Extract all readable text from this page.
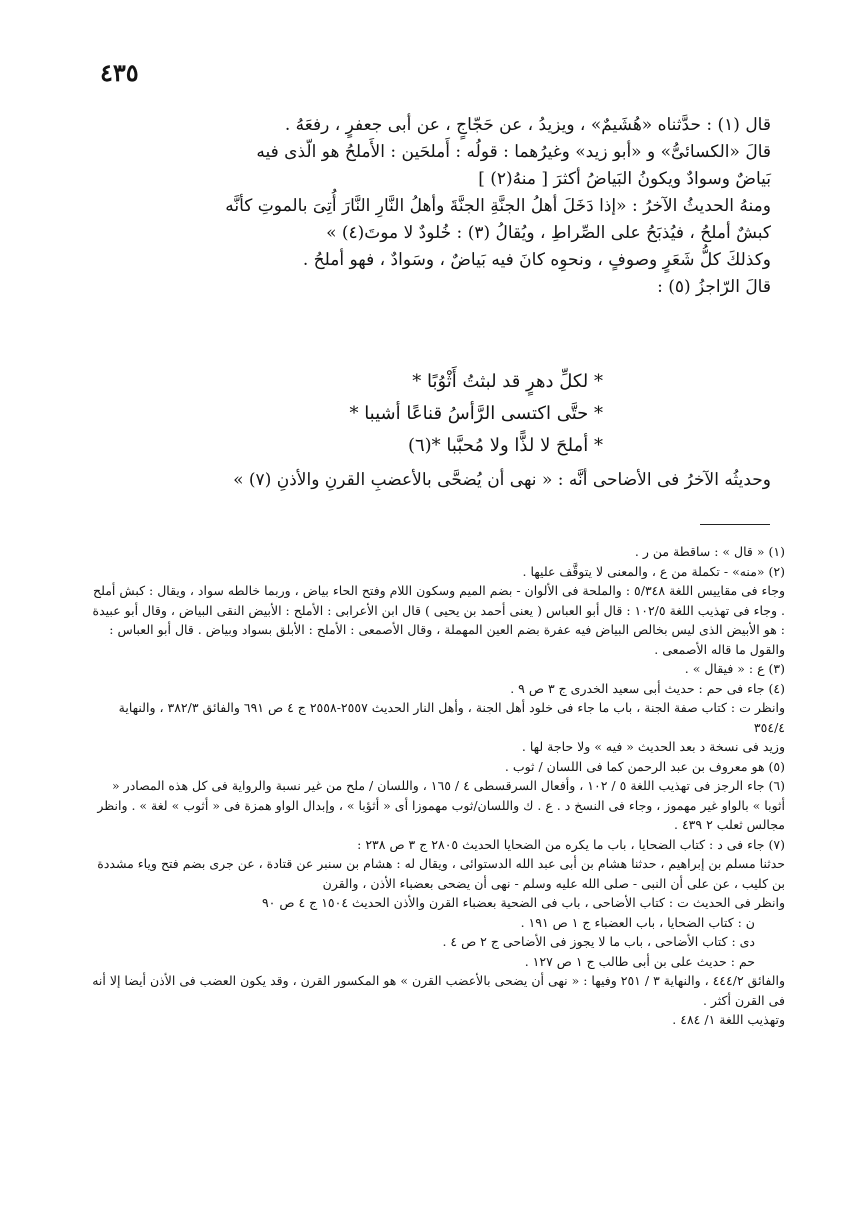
٤٣٥

قال (١) : حدَّثناه «هُشَيمٌ» ، ويزيدُ ، عن حَجّاجٍ ، عن أبى جعفرٍ ، رفعَهُ .

قالَ «الكسائىُّ» و «أبو زيد» وغيرُهما : قولُه : أَملحَين : الأَملحُ هو الّذى فيه

بَياضٌ وسوادٌ ويكونُ البَياضُ أكثرَ [ منهُ(٢) ]

ومنهُ الحديثُ الآخرُ : «إذا دَخَلَ أهلُ الجنَّةِ الجنَّةَ وأهلُ النَّارِ النَّارَ أُتِىَ بالموتِ كأنَّه

كبشٌ أملحُ ، فيُذبَحُ على الصِّراطِ ، ويُقالُ (٣) : خُلودٌ لا موتَ(٤) »

وكذلكَ كلُّ شَعَرٍ وصوفٍ ، ونحوِه كانَ فيه بَياضٌ ، وسَوادٌ ، فهو أملحُ .

قالَ الرّاجزُ (٥) :

* لكلِّ دهرٍ قد لبثتُ أَثْوُبًا *

* حتَّى اكتسى الرَّأسُ قناعًا أشيبا *

* أملحَ لا لذًّا ولا مُحبَّبا *(٦)

وحديثُه الآخرُ فى الأضاحى أنَّه : « نهى أن يُضحَّى بالأعضبِ القرنِ والأذنِ (٧) »

(١) « قال » : ساقطة من ر .

(٢) «منه» - تكملة من ع ، والمعنى لا يتوقَّف عليها .

وجاء فى مقاييس اللغة ٥/٣٤٨ : والملحة فى الألوان - بضم الميم وسكون اللام وفتح الحاء بياض ، وربما خالطه سواد ، ويقال : كبش أملح . وجاء فى تهذيب اللغة ١٠٢/٥ : قال أبو العباس ( يعنى أحمد بن يحيى ) قال ابن الأعرابى : الأملح : الأبيض النقى البياض ، وقال أبو عبيدة : هو الأبيض الذى ليس بخالص البياض فيه عفرة بضم العين المهملة ، وقال الأصمعى : الأملح : الأبلق بسواد وبياض . قال أبو العباس : والقول ما قاله الأصمعى .

(٣) ع : « فيقال » .

(٤) جاء فى حم : حديث أبى سعيد الخدرى ج ٣ ص ٩ .

وانظر ت : كتاب صفة الجنة ، باب ما جاء فى خلود أهل الجنة ، وأهل النار الحديث ٢٥٥٧-٢٥٥٨ ج ٤ ص ٦٩١ والفائق ٣٨٢/٣ ، والنهاية ٣٥٤/٤

وزيد فى نسخة د بعد الحديث « فيه » ولا حاجة لها .

(٥) هو معروف بن عبد الرحمن كما فى اللسان / ثوب .

(٦) جاء الرجز فى تهذيب اللغة ٥ / ١٠٢ ، وأفعال السرقسطى ٤ / ١٦٥ ، واللسان / ملح من غير نسبة والرواية فى كل هذه المصادر « أثوبا » بالواو غير مهموز ، وجاء فى النسخ د . ع . ك واللسان/ثوب مهموزا أى « أثؤبا » ، وإبدال الواو همزة فى « أثوب » لغة » . وانظر مجالس ثعلب ٢ ٤٣٩ .

(٧) جاء فى د : كتاب الضحايا ، باب ما يكره من الضحايا الحديث ٢٨٠٥ ج ٣ ص ٢٣٨ :

حدثنا مسلم بن إبراهيم ، حدثنا هشام بن أبى عبد الله الدستوائى ، ويقال له : هشام بن سنبر عن قتادة ، عن جرى بضم فتح وياء مشددة بن كليب ، عن على أن النبى - صلى الله عليه وسلم - نهى أن يضحى بعضباء الأذن ، والقرن

وانظر فى الحديث ت : كتاب الأضاحى ، باب فى الضحية بعضباء القرن والأذن الحديث ١٥٠٤ ج ٤ ص ٩٠

ن : كتاب الضحايا ، باب العضباء ج ١ ص ١٩١ .

دى : كتاب الأضاحى ، باب ما لا يجوز فى الأضاحى ج ٢ ص ٤ .

حم : حديث على بن أبى طالب ج ١ ص ١٢٧ .

والفائق ٤٤٤/٢ ، والنهاية ٣ / ٢٥١ وفيها : « نهى أن يضحى بالأعضب القرن » هو المكسور القرن ، وقد يكون العضب فى الأذن أيضا إلا أنه فى القرن أكثر .

وتهذيب اللغة ١/ ٤٨٤ .
